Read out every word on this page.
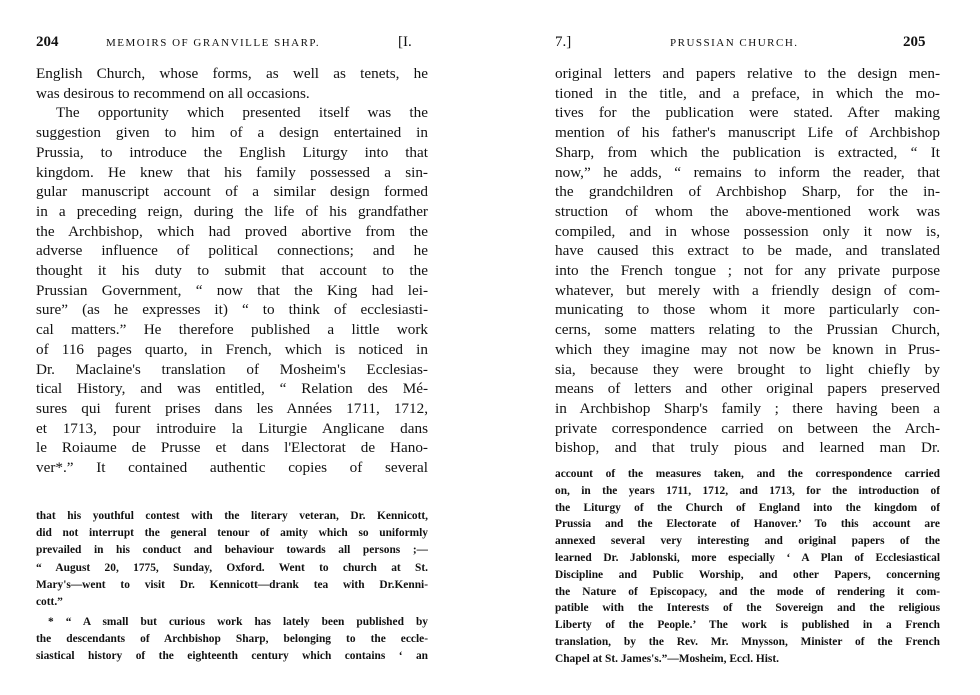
204	MEMOIRS OF GRANVILLE SHARP.	[I.
English Church, whose forms, as well as tenets, he
was desirous to recommend on all occasions.
The opportunity which presented itself was the
suggestion given to him of a design entertained in
Prussia, to introduce the English Liturgy into that
kingdom. He knew that his family possessed a sin-
gular manuscript account of a similar design formed
in a preceding reign, during the life of his grandfather
the Archbishop, which had proved abortive from the
adverse influence of political connections; and he
thought it his duty to submit that account to the
Prussian Government, “ now that the King had lei-
sure” (as he expresses it) “ to think of ecclesiasti-
cal matters.” He therefore published a little work
of 116 pages quarto, in French, which is noticed in
Dr. Maclaine's translation of Mosheim's Ecclesias-
tical History, and was entitled, “ Relation des Mé-
sures qui furent prises dans les Années 1711, 1712,
et 1713, pour introduire la Liturgie Anglicane dans
le Roiaume de Prusse et dans l'Electorat de Hano-
ver*.” It contained authentic copies of several
that his youthful contest with the literary veteran, Dr. Kennicott,
did not interrupt the general tenour of amity which so uniformly
prevailed in his conduct and behaviour towards all persons ;—
“ August 20, 1775, Sunday, Oxford. Went to church at St.
Mary's—went to visit Dr. Kennicott—drank tea with Dr.Kenni-
cott.”
* “ A small but curious work has lately been published by
the descendants of Archbishop Sharp, belonging to the eccle-
siastical history of the eighteenth century which contains ‘ an
7.]	PRUSSIAN CHURCH.	205
original letters and papers relative to the design men-
tioned in the title, and a preface, in which the mo-
tives for the publication were stated. After making
mention of his father's manuscript Life of Archbishop
Sharp, from which the publication is extracted, “ It
now,” he adds, “ remains to inform the reader, that
the grandchildren of Archbishop Sharp, for the in-
struction of whom the above-mentioned work was
compiled, and in whose possession only it now is,
have caused this extract to be made, and translated
into the French tongue ; not for any private purpose
whatever, but merely with a friendly design of com-
municating to those whom it more particularly con-
cerns, some matters relating to the Prussian Church,
which they imagine may not now be known in Prus-
sia, because they were brought to light chiefly by
means of letters and other original papers preserved
in Archbishop Sharp's family ; there having been a
private correspondence carried on between the Arch-
bishop, and that truly pious and learned man Dr.
account of the measures taken, and the correspondence carried
on, in the years 1711, 1712, and 1713, for the introduction of
the Liturgy of the Church of England into the kingdom of
Prussia and the Electorate of Hanover.’ To this account are
annexed several very interesting and original papers of the
learned Dr. Jablonski, more especially ‘ A Plan of Ecclesiastical
Discipline and Public Worship, and other Papers, concerning
the Nature of Episcopacy, and the mode of rendering it com-
patible with the Interests of the Sovereign and the religious
Liberty of the People.’ The work is published in a French
translation, by the Rev. Mr. Mnysson, Minister of the French
Chapel at St. James's.”—Mosheim, Eccl. Hist.
